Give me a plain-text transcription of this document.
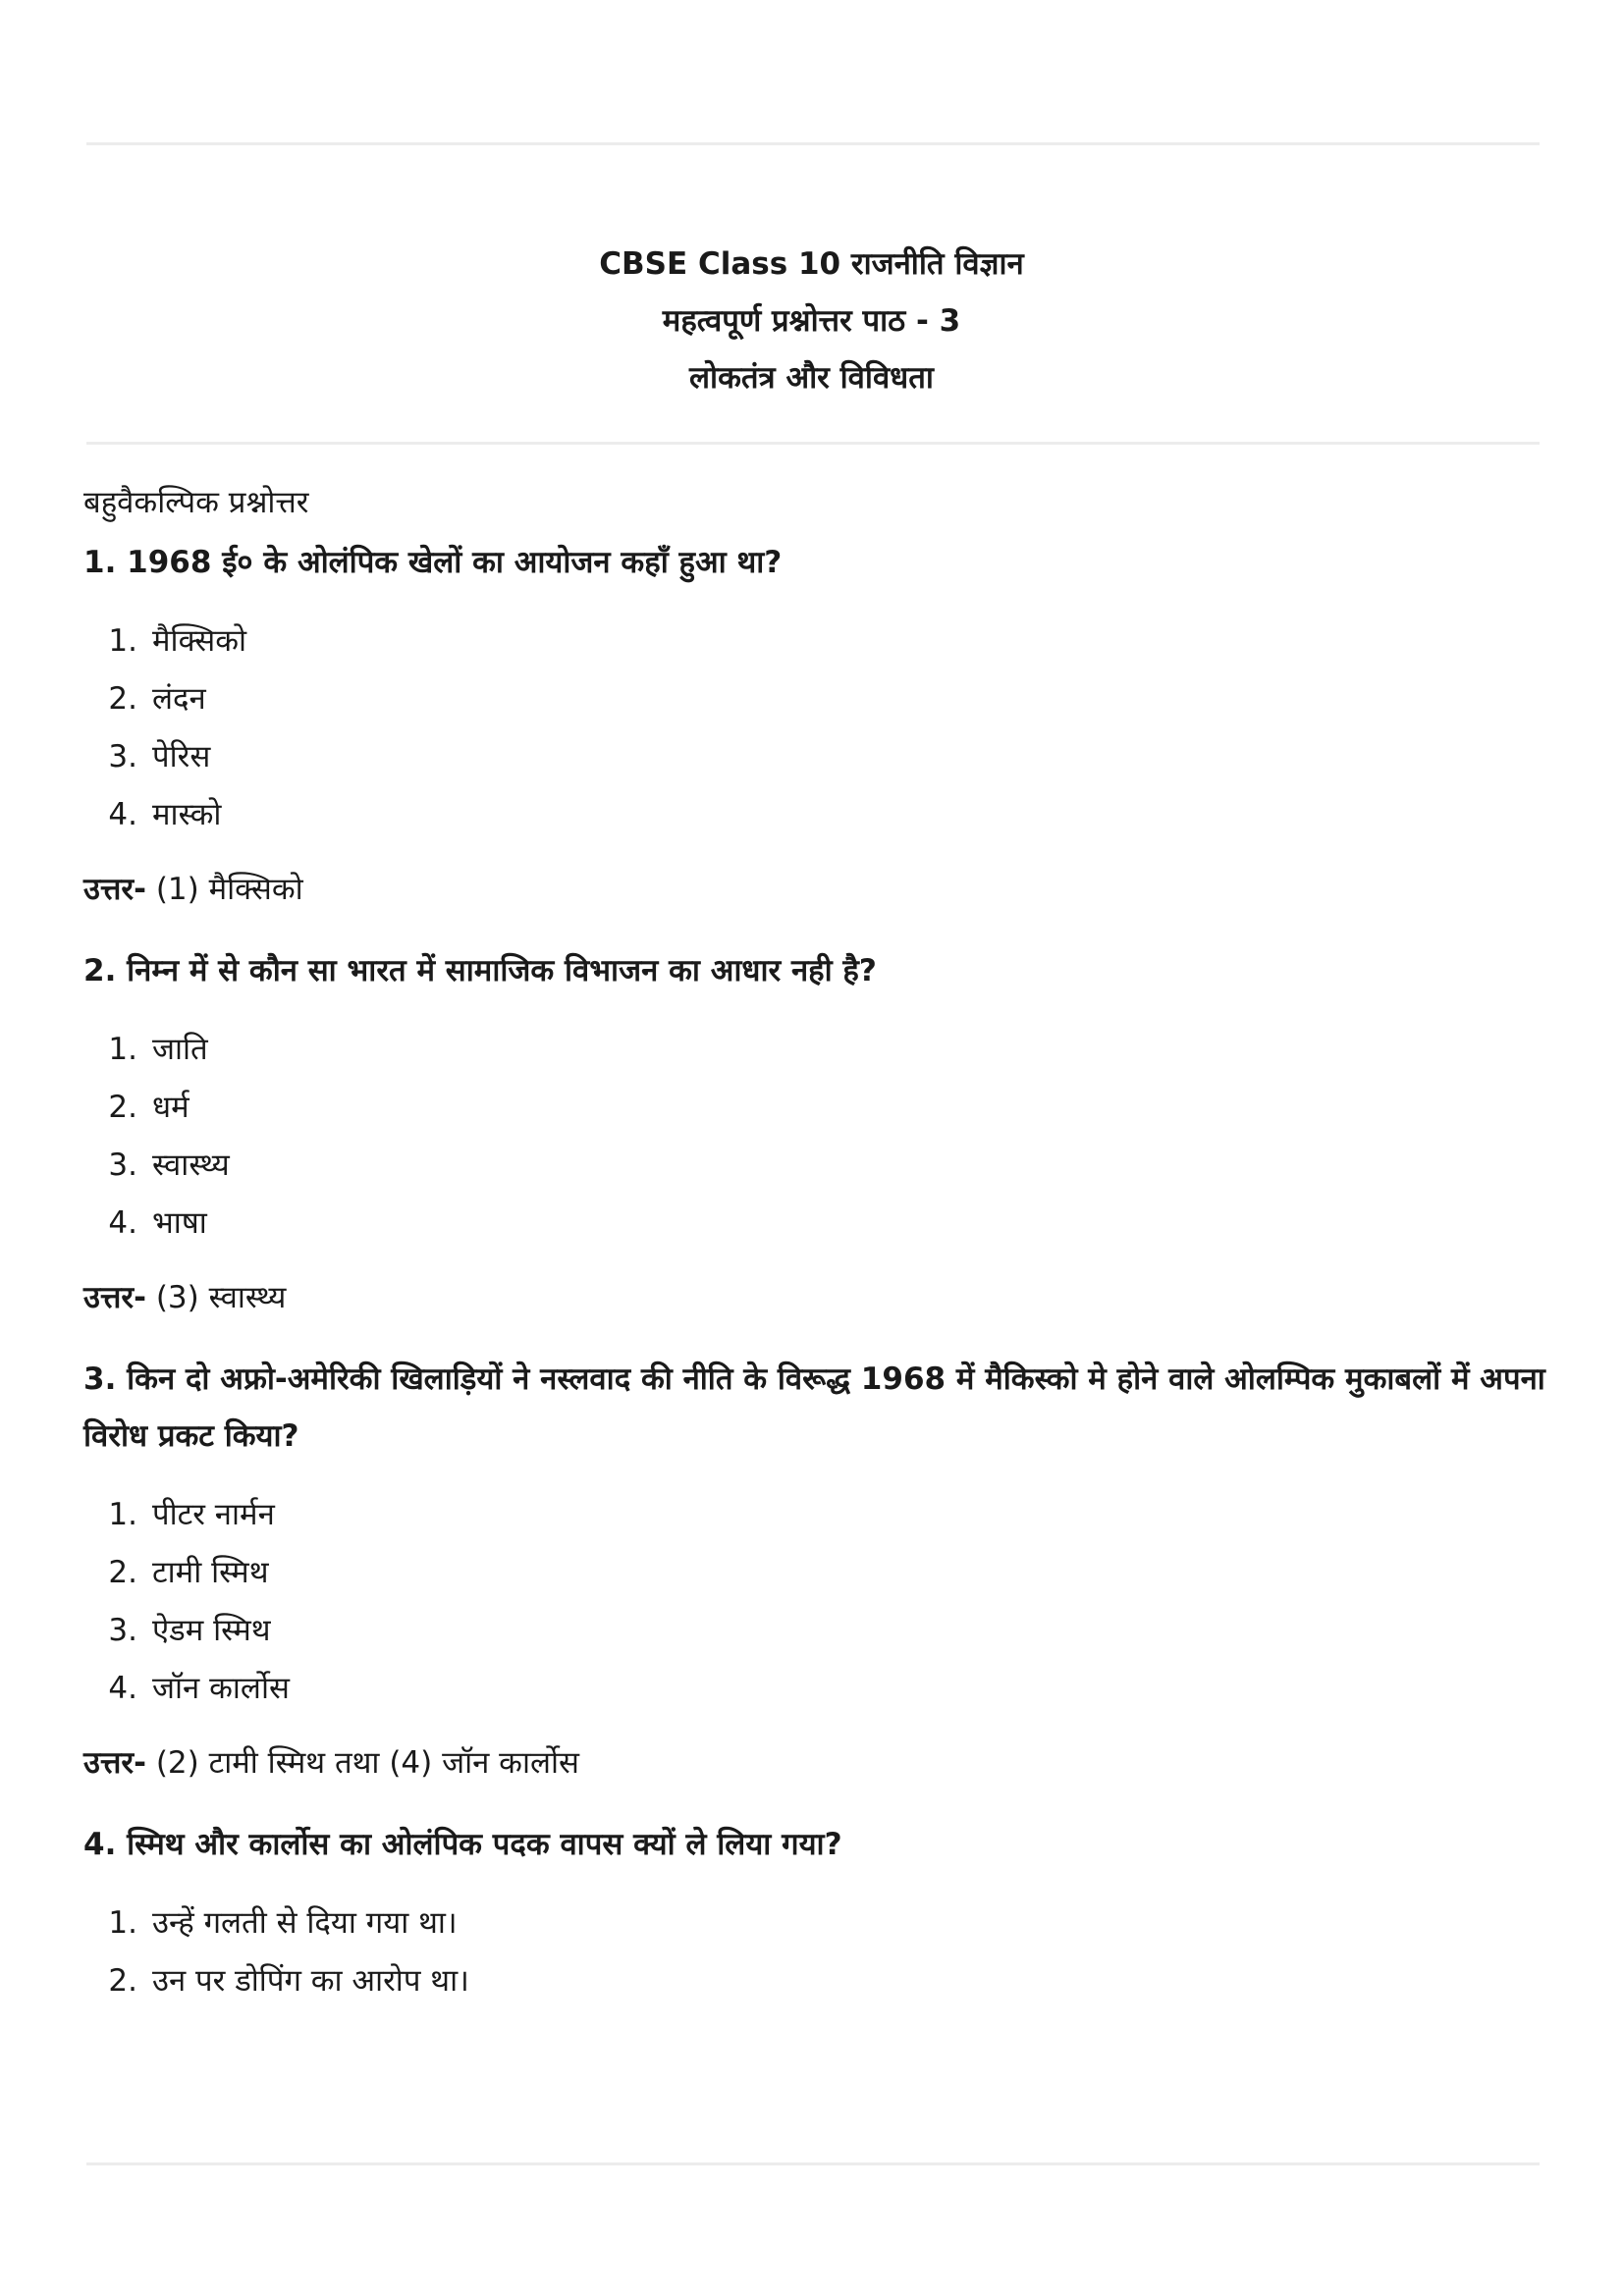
CBSE Class 10 राजनीति विज्ञान
महत्वपूर्ण प्रश्नोत्तर पाठ - 3
लोकतंत्र और विविधता
बहुवैकल्पिक प्रश्नोत्तर

1. 1968 ई० के ओलंपिक खेलों का आयोजन कहाँ हुआ था?

1. मैक्सिको
2. लंदन
3. पेरिस
4. मास्को

उत्तर- (1) मैक्सिको

2. निम्न में से कौन सा भारत में सामाजिक विभाजन का आधार नही है?

1. जाति
2. धर्म
3. स्वास्थ्य
4. भाषा

उत्तर- (3) स्वास्थ्य

3. किन दो अफ्रो-अमेरिकी खिलाड़ियों ने नस्लवाद की नीति के विरूद्ध 1968 में मैकिस्को मे होने वाले ओलम्पिक मुकाबलों में अपना विरोध प्रकट किया?

1. पीटर नार्मन
2. टामी स्मिथ
3. ऐडम स्मिथ
4. जॉन कार्लोस

उत्तर- (2) टामी स्मिथ तथा (4) जॉन कार्लोस

4. स्मिथ और कार्लोस का ओलंपिक पदक वापस क्यों ले लिया गया?

1. उन्हें गलती से दिया गया था।
2. उन पर डोपिंग का आरोप था।
